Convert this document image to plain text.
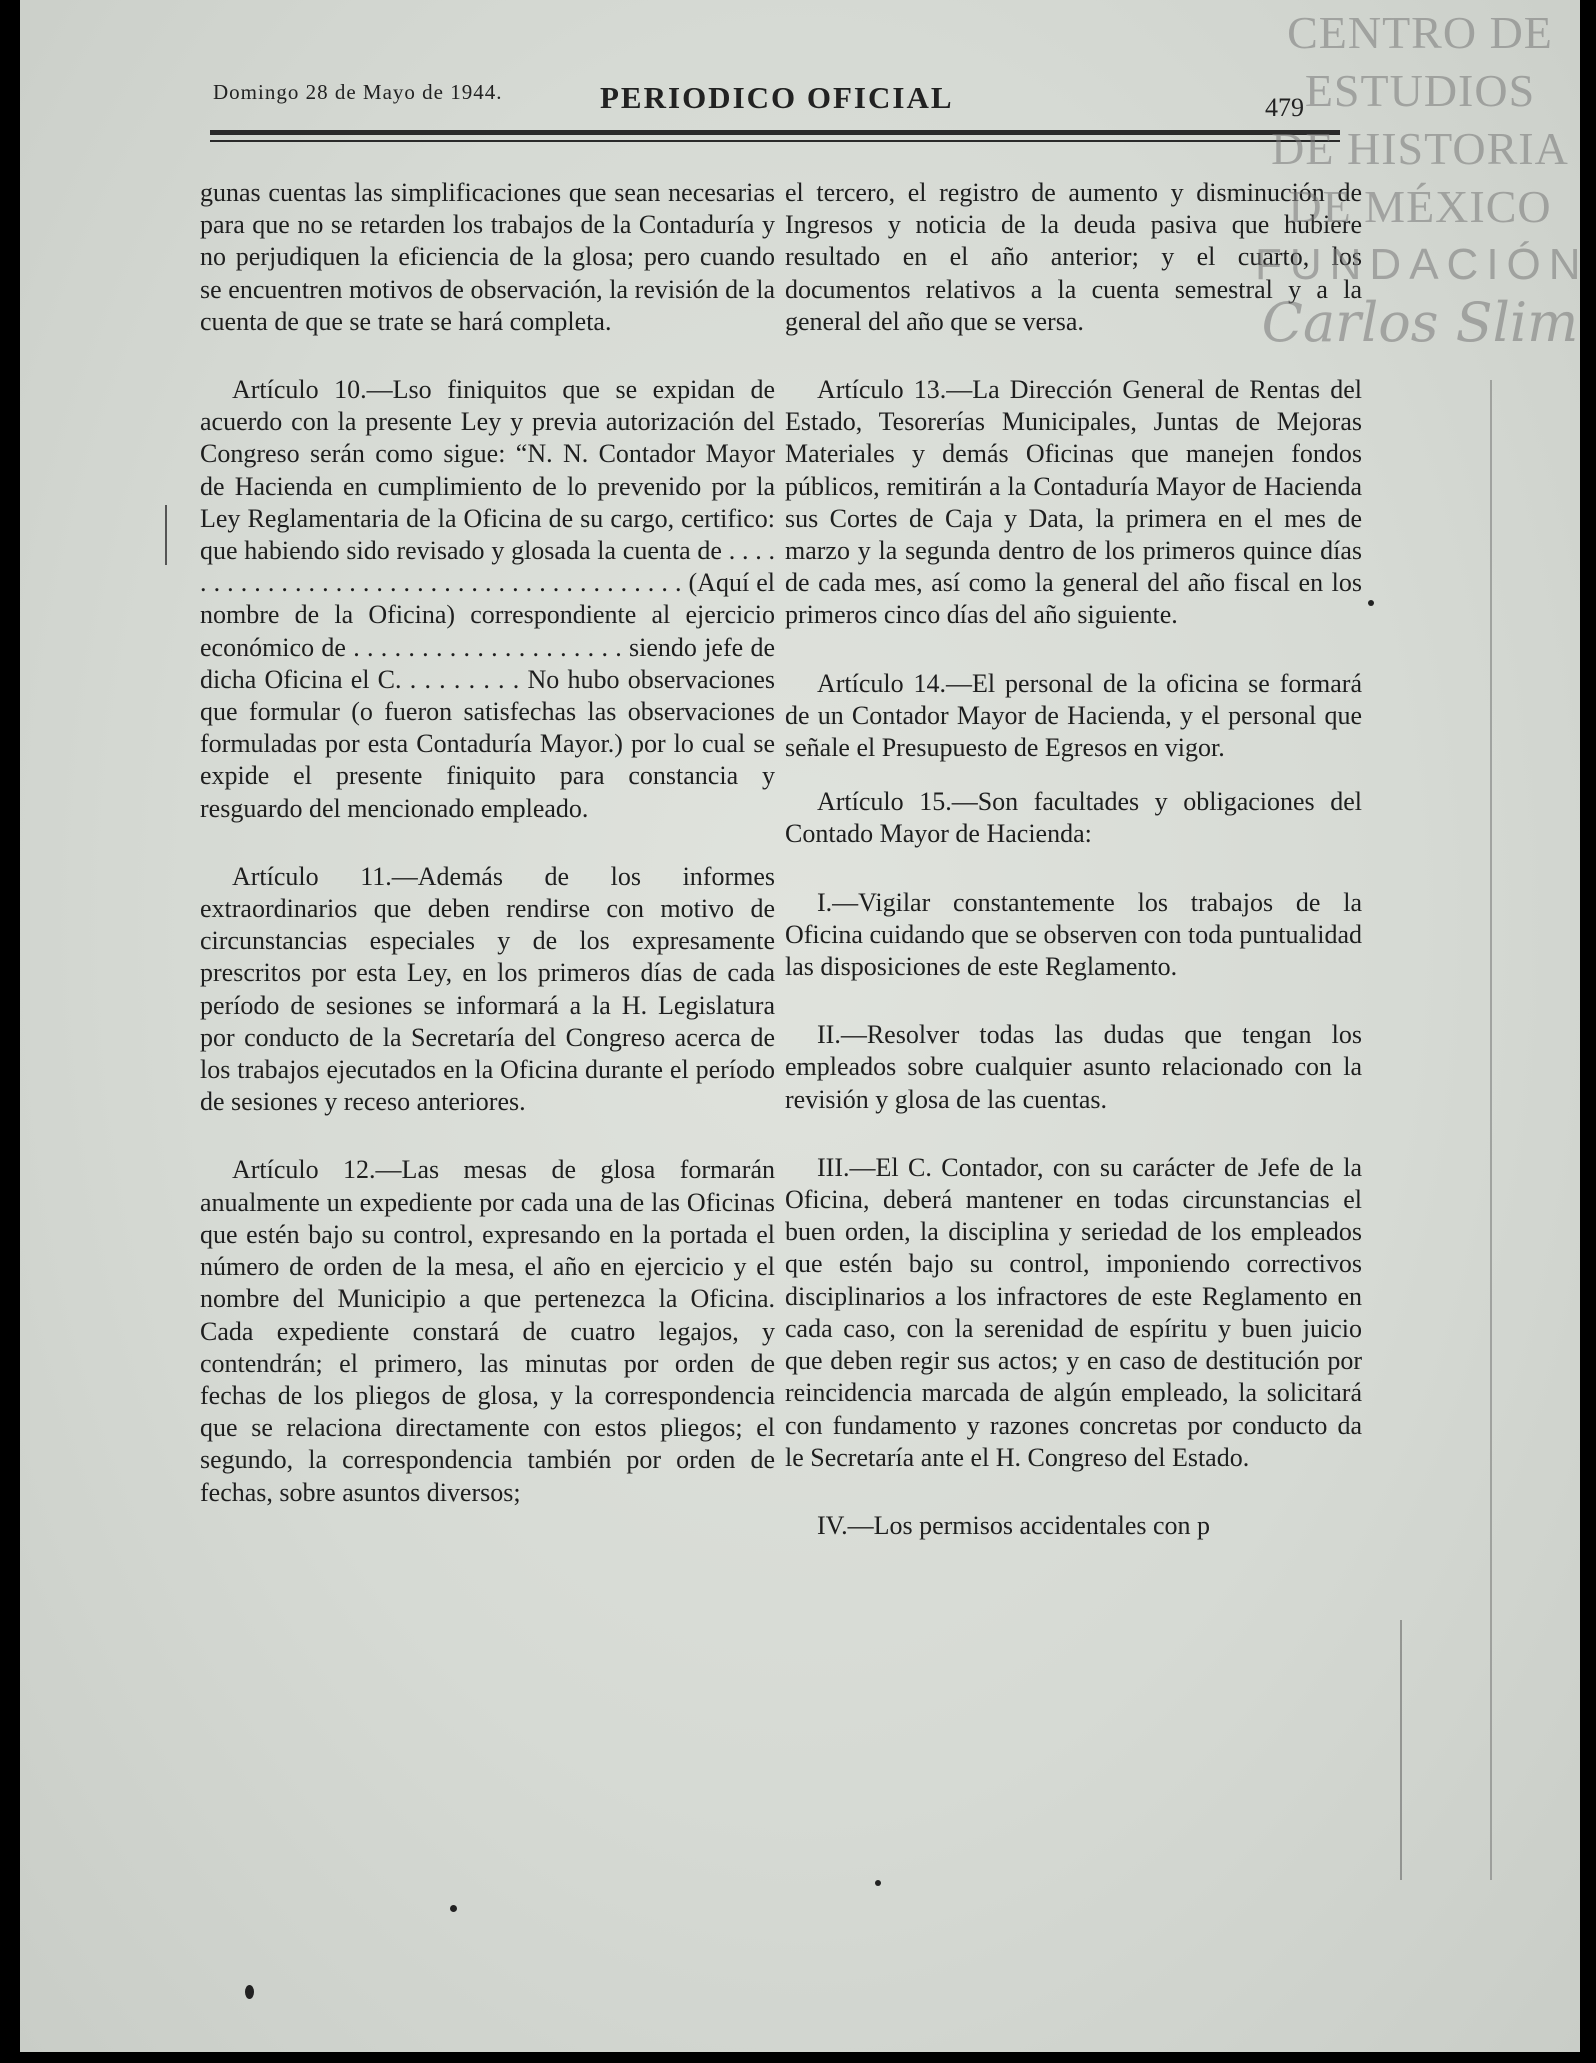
Domingo 28 de Mayo de 1944.	PERIODICO OFICIAL	479

gunas cuentas las simplificaciones que sean necesarias para que no se retarden los trabajos de la Contaduría y no perjudiquen la eficiencia de la glosa; pero cuando se encuentren motivos de observación, la revisión de la cuenta de que se trate se hará completa.

Artículo 10.—Lso finiquitos que se expidan de acuerdo con la presente Ley y previa autorización del Congreso serán como sigue: “N. N. Contador Mayor de Hacienda en cumplimiento de lo prevenido por la Ley Reglamentaria de la Oficina de su cargo, certifico: que habiendo sido revisado y glosada la cuenta de . . . . . . . . . . . . . . . . . . . . . . . . . . . . . . . . . . . . . . . . (Aquí el nombre de la Oficina) correspondiente al ejercicio económico de . . . . . . . . . . . . . . . . . . . . siendo jefe de dicha Oficina el C. . . . . . . . . No hubo observaciones que formular (o fueron satisfechas las observaciones formuladas por esta Contaduría Mayor.) por lo cual se expide el presente finiquito para constancia y resguardo del mencionado empleado.

Artículo 11.—Además de los informes extraordinarios que deben rendirse con motivo de circunstancias especiales y de los expresamente prescritos por esta Ley, en los primeros días de cada período de sesiones se informará a la H. Legislatura por conducto de la Secretaría del Congreso acerca de los trabajos ejecutados en la Oficina durante el período de sesiones y receso anteriores.

Artículo 12.—Las mesas de glosa formarán anualmente un expediente por cada una de las Oficinas que estén bajo su control, expresando en la portada el número de orden de la mesa, el año en ejercicio y el nombre del Municipio a que pertenezca la Oficina. Cada expediente constará de cuatro legajos, y contendrán; el primero, las minutas por orden de fechas de los pliegos de glosa, y la correspondencia que se relaciona directamente con estos pliegos; el segundo, la correspondencia también por orden de fechas, sobre asuntos diversos;

el tercero, el registro de aumento y disminución de Ingresos y noticia de la deuda pasiva que hubiere resultado en el año anterior; y el cuarto, los documentos relativos a la cuenta semestral y a la general del año que se versa.

Artículo 13.—La Dirección General de Rentas del Estado, Tesorerías Municipales, Juntas de Mejoras Materiales y demás Oficinas que manejen fondos públicos, remitirán a la Contaduría Mayor de Hacienda sus Cortes de Caja y Data, la primera en el mes de marzo y la segunda dentro de los primeros quince días de cada mes, así como la general del año fiscal en los primeros cinco días del año siguiente.

Artículo 14.—El personal de la oficina se formará de un Contador Mayor de Hacienda, y el personal que señale el Presupuesto de Egresos en vigor.

Artículo 15.—Son facultades y obligaciones del Contado Mayor de Hacienda:

I.—Vigilar constantemente los trabajos de la Oficina cuidando que se observen con toda puntualidad las disposiciones de este Reglamento.

II.—Resolver todas las dudas que tengan los empleados sobre cualquier asunto relacionado con la revisión y glosa de las cuentas.

III.—El C. Contador, con su carácter de Jefe de la Oficina, deberá mantener en todas circunstancias el buen orden, la disciplina y seriedad de los empleados que estén bajo su control, imponiendo correctivos disciplinarios a los infractores de este Reglamento en cada caso, con la serenidad de espíritu y buen juicio que deben regir sus actos; y en caso de destitución por reincidencia marcada de algún empleado, la solicitará con fundamento y razones concretas por conducto da le Secretaría ante el H. Congreso del Estado.

IV.—Los permisos accidentales con p

CENTRO DE
ESTUDIOS
DE HISTORIA
DE MÉXICO
FUNDACIÓN
Carlos Slim
